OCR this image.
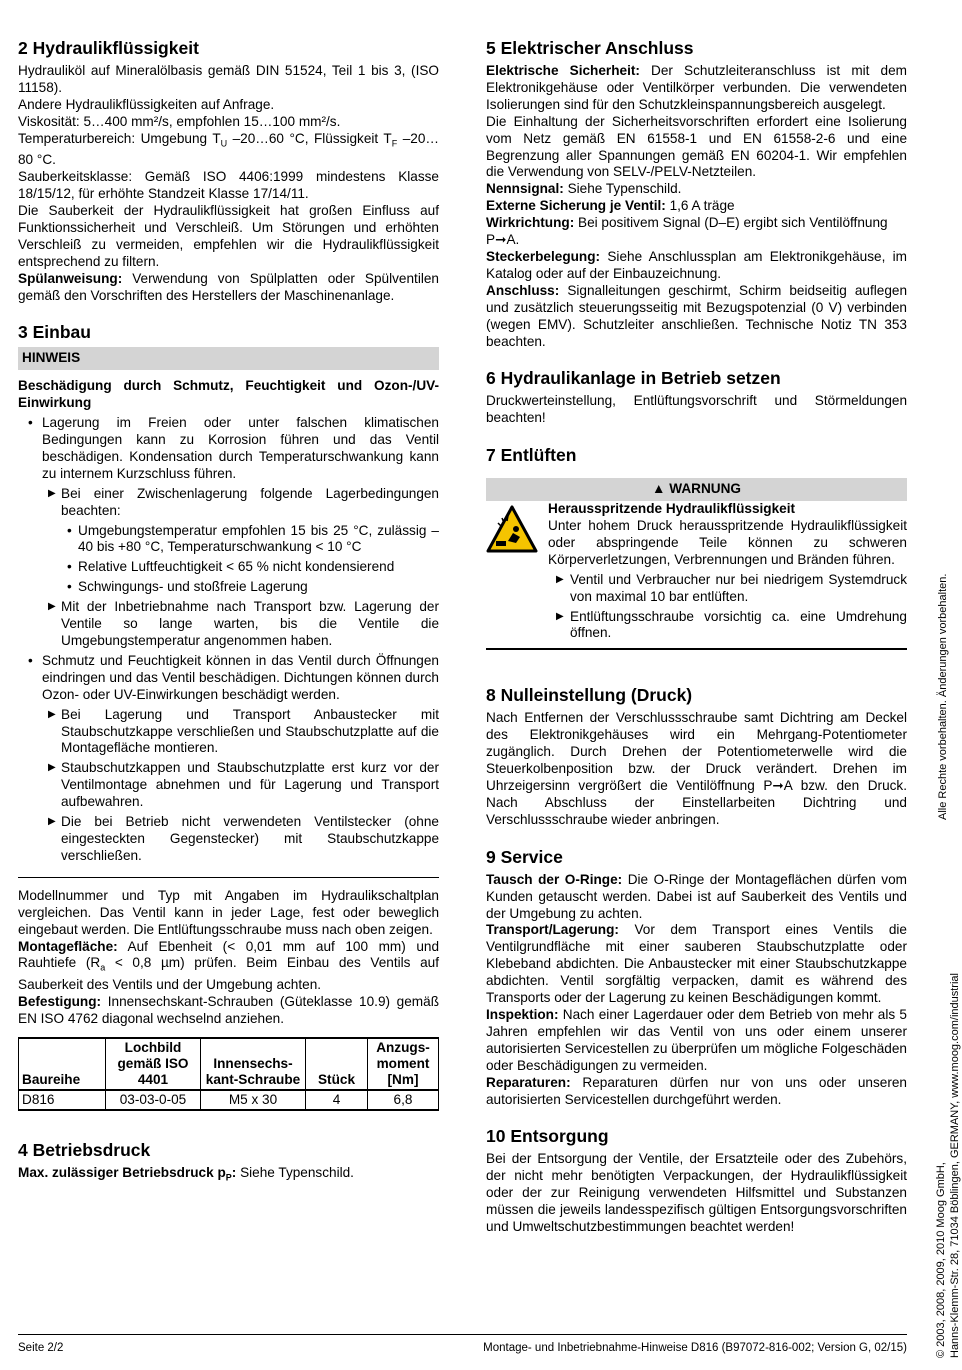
2 Hydraulikflüssigkeit

Hydrauliköl auf Mineralölbasis gemäß DIN 51524, Teil 1 bis 3, (ISO 11158).

Andere Hydraulikflüssigkeiten auf Anfrage.

Viskosität: 5…400 mm²/s, empfohlen 15…100 mm²/s.

Temperaturbereich: Umgebung $T_U$ –20…60 °C, Flüssigkeit $T_F$ –20…80 °C.

Sauberkeitsklasse: Gemäß ISO 4406:1999 mindestens Klasse 18/15/12, für erhöhte Standzeit Klasse 17/14/11.

Die Sauberkeit der Hydraulikflüssigkeit hat großen Einfluss auf Funktionssicherheit und Verschleiß. Um Störungen und erhöhten Verschleiß zu vermeiden, empfehlen wir die Hydraulikflüssigkeit entsprechend zu filtern.

Spülanweisung: Verwendung von Spülplatten oder Spülventilen gemäß den Vorschriften des Herstellers der Maschinenanlage.

3 Einbau
HINWEIS

Beschädigung durch Schmutz, Feuchtigkeit und Ozon-/UV-Einwirkung

• Lagerung im Freien oder unter falschen klimatischen Bedingungen kann zu Korrosion führen und das Ventil beschädigen. Kondensation durch Temperaturschwankung kann zu internem Kurzschluss führen.
▶ Bei einer Zwischenlagerung folgende Lagerbedingungen beachten:
• Umgebungstemperatur empfohlen 15 bis 25 °C, zulässig –40 bis +80 °C, Temperaturschwankung < 10 °C
• Relative Luftfeuchtigkeit < 65 % nicht kondensierend
• Schwingungs- und stoßfreie Lagerung
▶ Mit der Inbetriebnahme nach Transport bzw. Lagerung der Ventile so lange warten, bis die Ventile die Umgebungstemperatur angenommen haben.
• Schmutz und Feuchtigkeit können in das Ventil durch Öffnungen eindringen und das Ventil beschädigen. Dichtungen können durch Ozon- oder UV-Einwirkungen beschädigt werden.
▶ Bei Lagerung und Transport Anbaustecker mit Staubschutzkappe verschließen und Staubschutzplatte auf die Montagefläche montieren.
▶ Staubschutzkappen und Staubschutzplatte erst kurz vor der Ventilmontage abnehmen und für Lagerung und Transport aufbewahren.
▶ Die bei Betrieb nicht verwendeten Ventilstecker (ohne eingesteckten Gegenstecker) mit Staubschutzkappe verschließen.

Modellnummer und Typ mit Angaben im Hydraulikschaltplan vergleichen. Das Ventil kann in jeder Lage, fest oder beweglich eingebaut werden. Die Entlüftungsschraube muss nach oben zeigen.

Montagefläche: Auf Ebenheit (< 0,01 mm auf 100 mm) und Rauhtiefe ($R_a < 0,8$ µm) prüfen. Beim Einbau des Ventils auf Sauberkeit des Ventils und der Umgebung achten.

Befestigung: Innensechskant-Schrauben (Güteklasse 10.9) gemäß EN ISO 4762 diagonal wechselnd anziehen.

Baureihe	Lochbild gemäß ISO 4401	Innensechs-kant-Schraube	Stück	Anzugs-moment [Nm]
D816	03-03-0-05	M5 x 30	4	6,8
4 Betriebsdruck

Max. zulässiger Betriebsdruck $p_P$: Siehe Typenschild.

5 Elektrischer Anschluss

Elektrische Sicherheit: Der Schutzleiteranschluss ist mit dem Elektronikgehäuse oder Ventilkörper verbunden. Die verwendeten Isolierungen sind für den Schutzkleinspannungsbereich ausgelegt.

Die Einhaltung der Sicherheitsvorschriften erfordert eine Isolierung vom Netz gemäß EN 61558-1 und EN 61558-2-6 und eine Begrenzung aller Spannungen gemäß EN 60204-1. Wir empfehlen die Verwendung von SELV-/PELV-Netzteilen.

Nennsignal: Siehe Typenschild.

Externe Sicherung je Ventil: 1,6 A träge

Wirkrichtung: Bei positivem Signal (D–E) ergibt sich Ventilöffnung P➞A.

Steckerbelegung: Siehe Anschlussplan am Elektronikgehäuse, im Katalog oder auf der Einbauzeichnung.

Anschluss: Signalleitungen geschirmt, Schirm beidseitig auflegen und zusätzlich steuerungsseitig mit Bezugspotenzial (0 V) verbinden (wegen EMV). Schutzleiter anschließen. Technische Notiz TN 353 beachten.

6 Hydraulikanlage in Betrieb setzen

Druckwerteinstellung, Entlüftungsvorschrift und Störmeldungen beachten!

7 Entlüften
▲ WARNUNG

Herausspritzende Hydraulikflüssigkeit

Unter hohem Druck herausspritzende Hydraulikflüssigkeit oder abspringende Teile können zu schweren Körperverletzungen, Verbrennungen und Bränden führen.

▶ Ventil und Verbraucher nur bei niedrigem Systemdruck von maximal 10 bar entlüften.
▶ Entlüftungsschraube vorsichtig ca. eine Umdrehung öffnen.
8 Nulleinstellung (Druck)

Nach Entfernen der Verschlussschraube samt Dichtring am Deckel des Elektronikgehäuses wird ein Mehrgang-Potentiometer zugänglich. Durch Drehen der Potentiometerwelle wird die Steuerkolbenposition bzw. der Druck verändert. Drehen im Uhrzeigersinn vergrößert die Ventilöffnung P➞A bzw. den Druck. Nach Abschluss der Einstellarbeiten Dichtring und Verschlussschraube wieder anbringen.

9 Service

Tausch der O-Ringe: Die O-Ringe der Montageflächen dürfen vom Kunden getauscht werden. Dabei ist auf Sauberkeit des Ventils und der Umgebung zu achten.

Transport/Lagerung: Vor dem Transport eines Ventils die Ventilgrundfläche mit einer sauberen Staubschutzplatte oder Klebeband abdichten. Die Anbaustecker mit einer Staubschutzkappe abdichten. Ventil sorgfältig verpacken, damit es während des Transports oder der Lagerung zu keinen Beschädigungen kommt.

Inspektion: Nach einer Lagerdauer oder dem Betrieb von mehr als 5 Jahren empfehlen wir das Ventil von uns oder einem unserer autorisierten Servicestellen zu überprüfen um mögliche Folgeschäden oder Beschädigungen zu vermeiden.

Reparaturen: Reparaturen dürfen nur von uns oder unseren autorisierten Servicestellen durchgeführt werden.

10 Entsorgung

Bei der Entsorgung der Ventile, der Ersatzteile oder des Zubehörs, der nicht mehr benötigten Verpackungen, der Hydraulikflüssigkeit oder der zur Reinigung verwendeten Hilfsmittel und Substanzen müssen die jeweils landesspezifisch gültigen Entsorgungsvorschriften und Umweltschutzbestimmungen beachtet werden!

Alle Rechte vorbehalten. Änderungen vorbehalten.
© 2003, 2008, 2009, 2010 Moog GmbH, Hanns-Klemm-Str. 28, 71034 Böblingen, GERMANY, www.moog.com/industrial
Seite 2/2	Montage- und Inbetriebnahme-Hinweise D816 (B97072-816-002; Version G, 02/15)
